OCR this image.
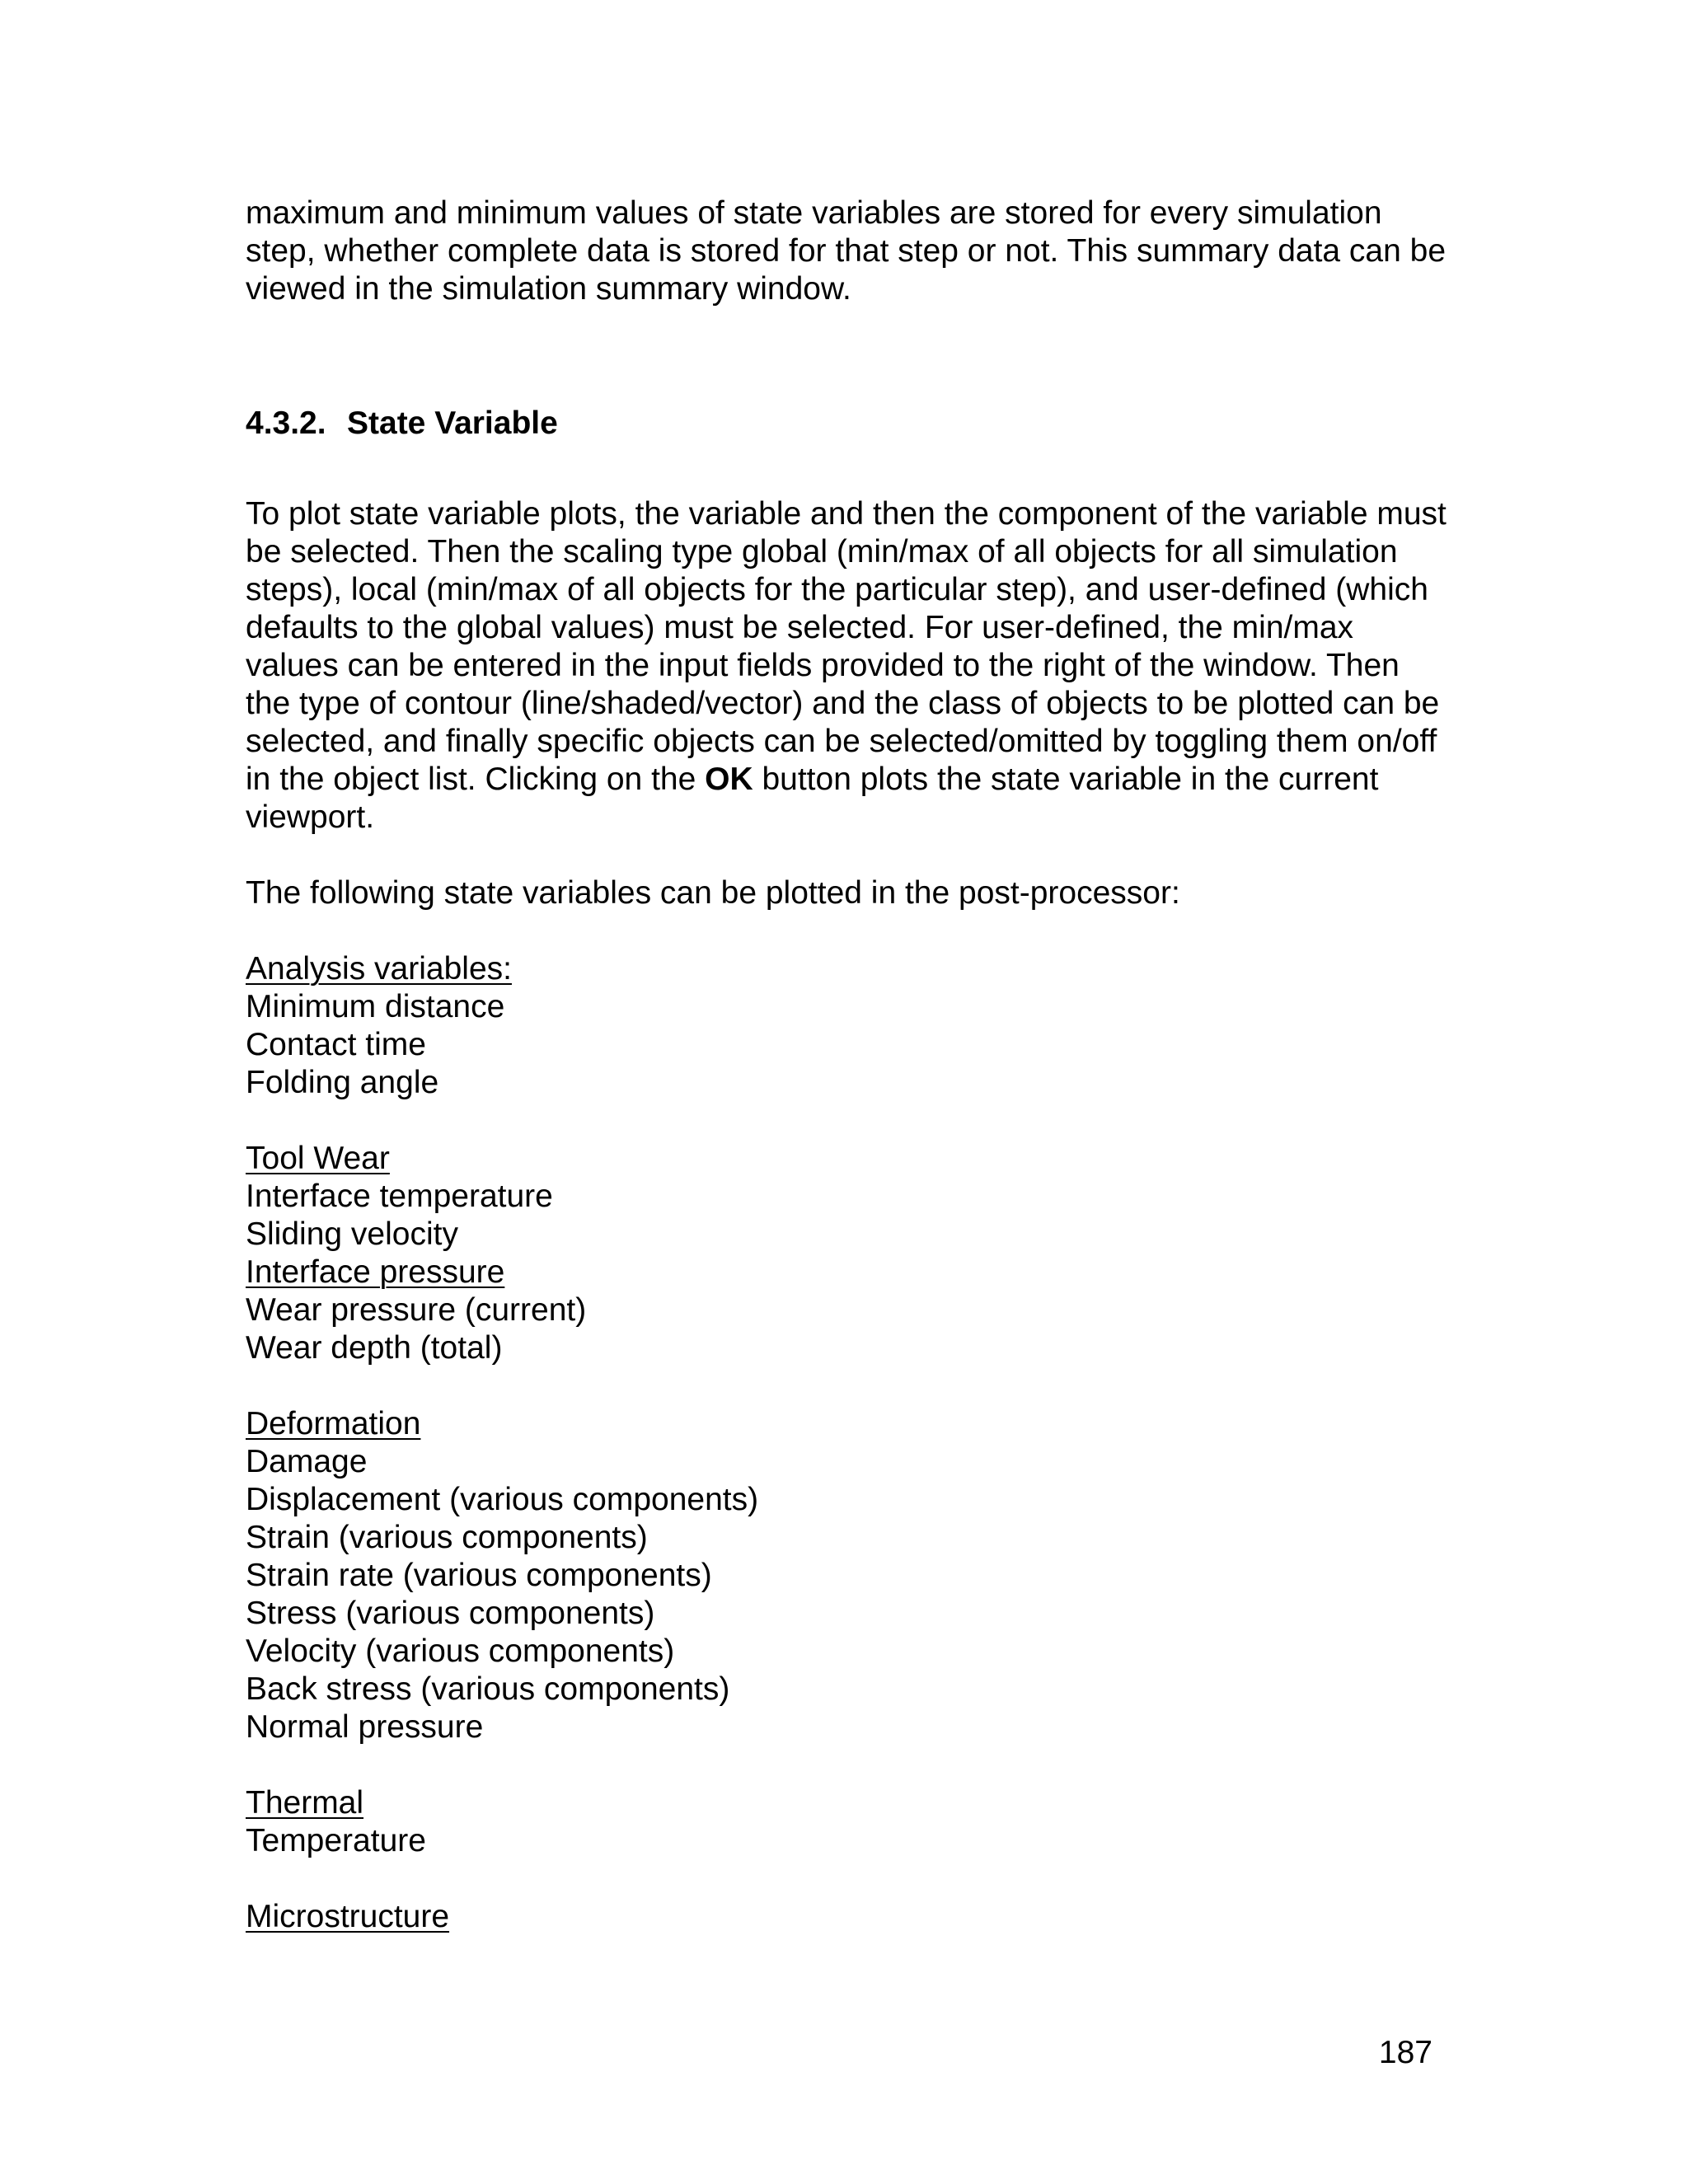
maximum and minimum values of state variables are stored for every simulation step, whether complete data is stored for that step or not. This summary data can be viewed in the simulation summary window.

4.3.2. State Variable

To plot state variable plots, the variable and then the component of the variable must be selected. Then the scaling type global (min/max of all objects for all simulation steps), local (min/max of all objects for the particular step), and user-defined (which defaults to the global values) must be selected. For user-defined, the min/max values can be entered in the input fields provided to the right of the window. Then the type of contour (line/shaded/vector) and the class of objects to be plotted can be selected, and finally specific objects can be selected/omitted by toggling them on/off in the object list. Clicking on the OK button plots the state variable in the current viewport.

The following state variables can be plotted in the post-processor:

Analysis variables:
Minimum distance
Contact time
Folding angle
Tool Wear
Interface temperature
Sliding velocity
Interface pressure
Wear pressure (current)
Wear depth (total)
Deformation
Damage
Displacement (various components)
Strain (various components)
Strain rate (various components)
Stress (various components)
Velocity (various components)
Back stress (various components)
Normal pressure
Thermal
Temperature
Microstructure
187
